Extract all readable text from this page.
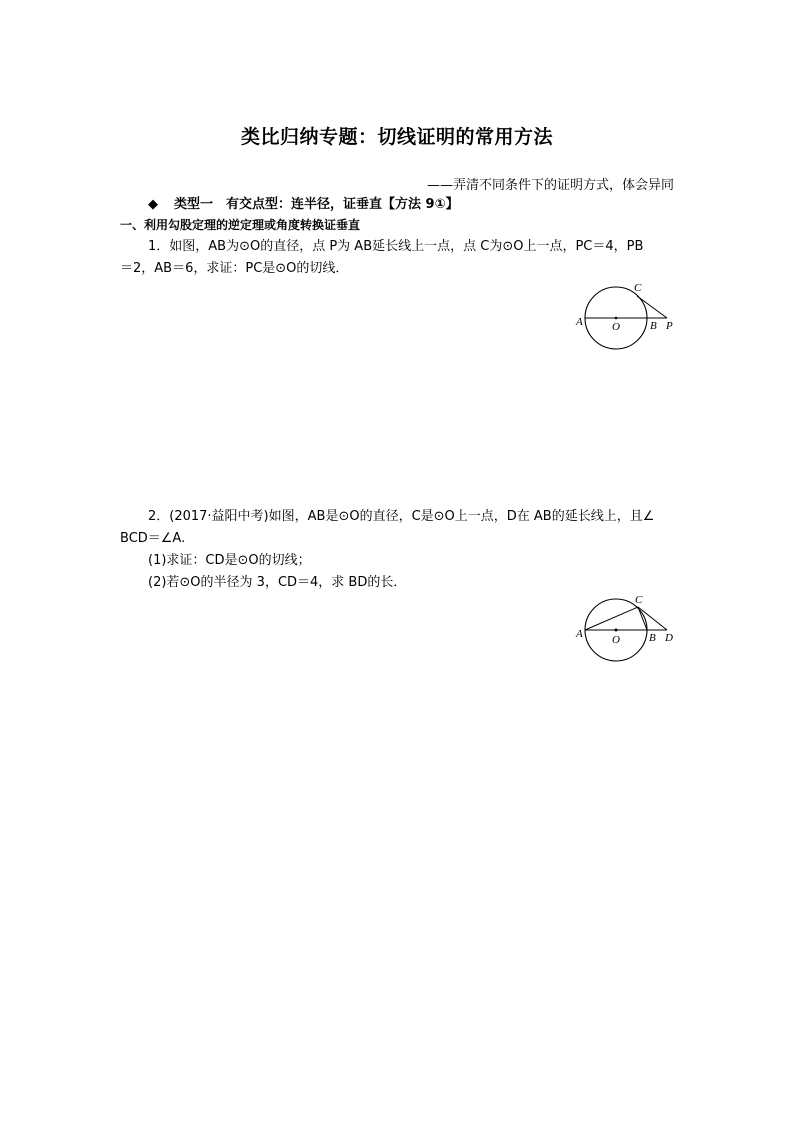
类比归纳专题：切线证明的常用方法
——弄清不同条件下的证明方式，体会异同
◆ 类型一　有交点型：连半径，证垂直【方法 9①】
一、利用勾股定理的逆定理或角度转换证垂直
1．如图，AB为⊙O的直径，点 P为 AB延长线上一点，点 C为⊙O上一点，PC＝4，PB
＝2，AB＝6，求证：PC是⊙O的切线．
A	O	B P
C
2．(2017·益阳中考)如图，AB是⊙O的直径，C是⊙O上一点，D在 AB的延长线上，且∠
BCD＝∠A.
(1)求证：CD是⊙O的切线；
(2)若⊙O的半径为 3，CD＝4，求 BD的长．
A	O	B D
C
